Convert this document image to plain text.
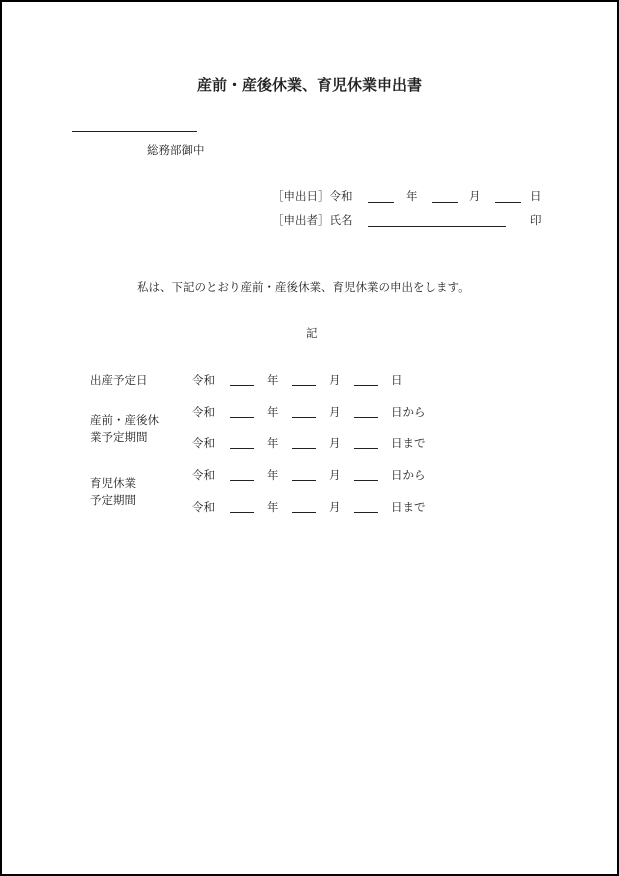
産前・産後休業、育児休業申出書
総務部御中
［申出日］令和	年	月	日
［申出者］氏名	印
私は、下記のとおり産前・産後休業、育児休業の申出をします。
記
出産予定日	令和	年	月	日
産前・産後休
業予定期間
令和	年	月	日から
令和	年	月	日まで
育児休業
予定期間
令和	年	月	日から
令和	年	月	日まで
